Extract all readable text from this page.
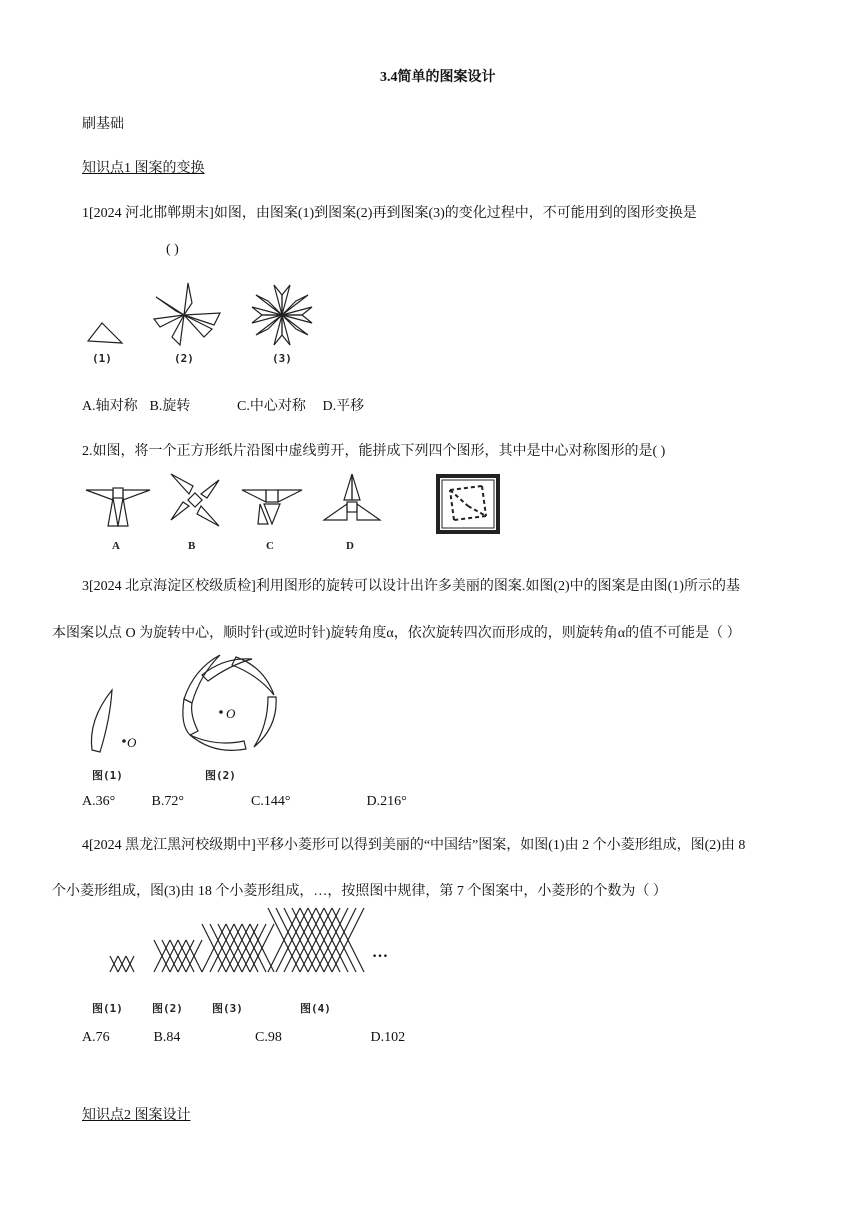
3.4简单的图案设计
刷基础
知识点1 图案的变换
1[2024 河北邯郸期末]如图，由图案(1)到图案(2)再到图案(3)的变化过程中，不可能用到的图形变换是
( )
(1)	(2)	(3)
A.轴对称 B.旋转	C.中心对称 D.平移
2.如图，将一个正方形纸片沿图中虚线剪开，能拼成下列四个图形，其中是中心对称图形的是( )
A	B	C	D
3[2024 北京海淀区校级质检]利用图形的旋转可以设计出许多美丽的图案.如图(2)中的图案是由图(1)所示的基
本图案以点 O 为旋转中心，顺时针(或逆时针)旋转角度α，依次旋转四次而形成的，则旋转角α的值不可能是（ ）
O
O
图(1)	图(2)
A.36°	B.72°	C.144°	D.216°
4[2024 黑龙江黑河校级期中]平移小菱形可以得到美丽的“中国结”图案，如图(1)由 2 个小菱形组成，图(2)由 8
个小菱形组成，图(3)由 18 个小菱形组成，…，按照图中规律，第 7 个图案中，小菱形的个数为（ ）
…
图(1)	图(2)	图(3)	图(4)
A.76	B.84	C.98	D.102
知识点2 图案设计
